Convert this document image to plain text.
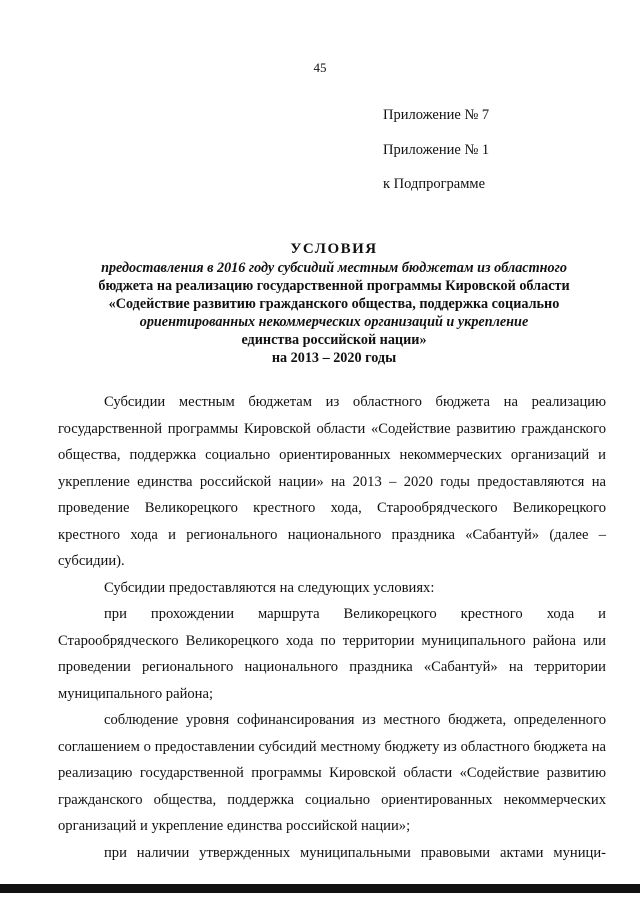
45
Приложение № 7
Приложение № 1
к Подпрограмме
УСЛОВИЯ
предоставления в 2016 году субсидий местным бюджетам из областного
бюджета на реализацию государственной программы Кировской области
«Содействие развитию гражданского общества, поддержка социально
ориентированных некоммерческих организаций и укрепление
единства российской нации»
на 2013 – 2020 годы

Субсидии местным бюджетам из областного бюджета на реализацию государственной программы Кировской области «Содействие развитию гражданского общества, поддержка социально ориентированных некоммерческих организаций и укрепление единства российской нации» на 2013 – 2020 годы предоставляются на проведение Великорецкого крестного хода, Старообрядческого Великорецкого крестного хода и регионального национального праздника «Сабантуй» (далее – субсидии).

Субсидии предоставляются на следующих условиях:

при прохождении маршрута Великорецкого крестного хода и Старообрядческого Великорецкого хода по территории муниципального района или проведении регионального национального праздника «Сабантуй» на территории муниципального района;

соблюдение уровня софинансирования из местного бюджета, определенного соглашением о предоставлении субсидий местному бюджету из областного бюджета на реализацию государственной программы Кировской области «Содействие развитию гражданского общества, поддержка социально ориентированных некоммерческих организаций и укрепление единства российской нации»;

при наличии утвержденных муниципальными правовыми актами муници-
